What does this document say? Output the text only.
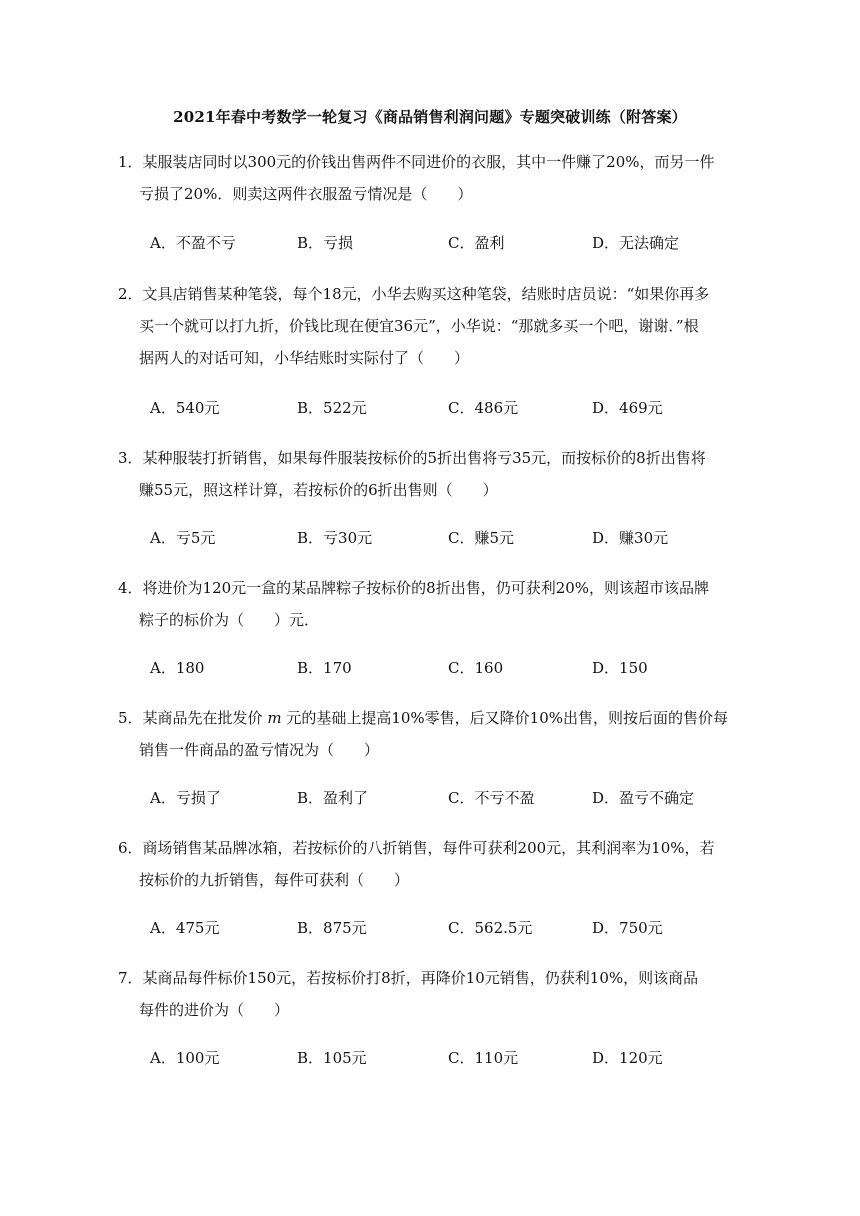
2021年春中考数学一轮复习《商品销售利润问题》专题突破训练（附答案）
1．某服装店同时以300元的价钱出售两件不同进价的衣服，其中一件赚了20%，而另一件
亏损了20%．则卖这两件衣服盈亏情况是（　　）
A．不盈不亏	B．亏损	C．盈利	D．无法确定
2．文具店销售某种笔袋，每个18元，小华去购买这种笔袋，结账时店员说：“如果你再多
买一个就可以打九折，价钱比现在便宜36元”，小华说：“那就多买一个吧，谢谢．”根
据两人的对话可知，小华结账时实际付了（　　）
A．540元	B．522元	C．486元	D．469元
3．某种服装打折销售，如果每件服装按标价的5折出售将亏35元，而按标价的8折出售将
赚55元，照这样计算，若按标价的6折出售则（　　）
A．亏5元	B．亏30元	C．赚5元	D．赚30元
4．将进价为120元一盒的某品牌粽子按标价的8折出售，仍可获利20%，则该超市该品牌
粽子的标价为（　　）元．
A．180	B．170	C．160	D．150
5．某商品先在批发价 m 元的基础上提高10%零售，后又降价10%出售，则按后面的售价每
销售一件商品的盈亏情况为（　　）
A．亏损了	B．盈利了	C．不亏不盈	D．盈亏不确定
6．商场销售某品牌冰箱，若按标价的八折销售，每件可获利200元，其利润率为10%，若
按标价的九折销售，每件可获利（　　）
A．475元	B．875元	C．562.5元	D．750元
7．某商品每件标价150元，若按标价打8折，再降价10元销售，仍获利10%，则该商品
每件的进价为（　　）
A．100元	B．105元	C．110元	D．120元
